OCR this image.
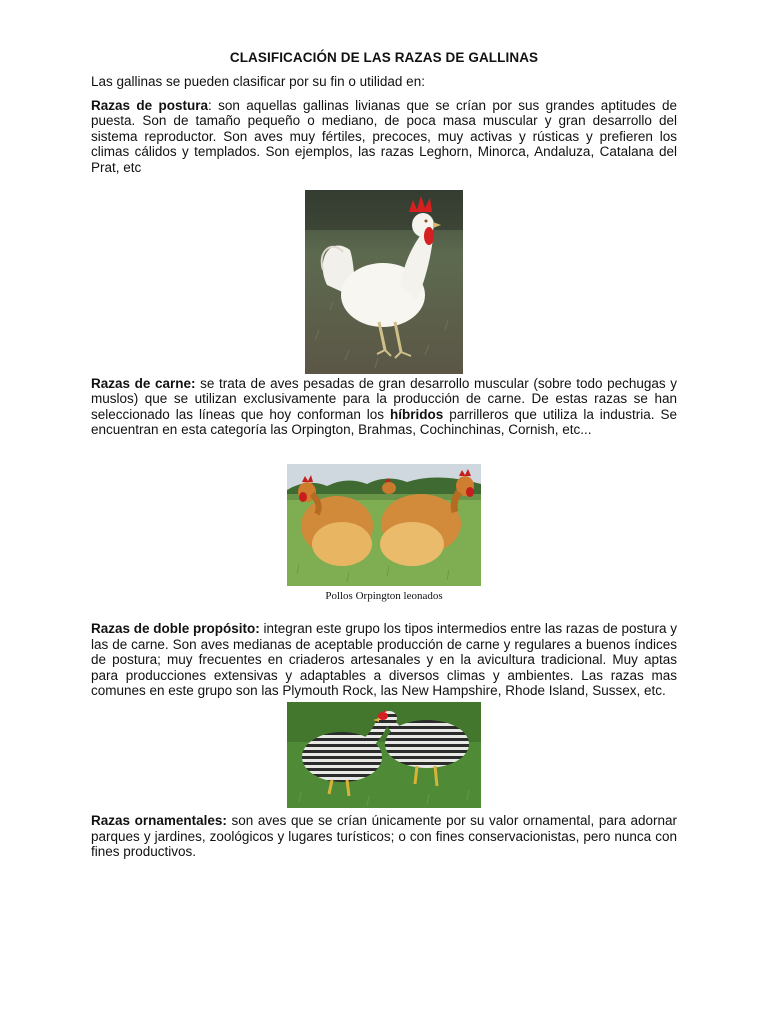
CLASIFICACIÓN DE LAS RAZAS DE GALLINAS

Las gallinas se pueden clasificar por su fin o utilidad en:

Razas de postura: son aquellas gallinas livianas que se crían por sus grandes aptitudes de puesta. Son de tamaño pequeño o mediano, de poca masa muscular y gran desarrollo del sistema reproductor. Son aves muy fértiles, precoces, muy activas y rústicas y prefieren los climas cálidos y templados. Son ejemplos, las razas Leghorn, Minorca, Andaluza, Catalana del Prat, etc

Razas de carne: se trata de aves pesadas de gran desarrollo muscular (sobre todo pechugas y muslos) que se utilizan exclusivamente para la producción de carne. De estas razas se han seleccionado las líneas que hoy conforman los híbridos parrilleros que utiliza la industria. Se encuentran en esta categoría las Orpington, Brahmas, Cochinchinas, Cornish, etc...

Pollos Orpington leonados

Razas de doble propósito: integran este grupo los tipos intermedios entre las razas de postura y las de carne. Son aves medianas de aceptable producción de carne y regulares a buenos índices de postura; muy frecuentes en criaderos artesanales y en la avicultura tradicional. Muy aptas para producciones extensivas y adaptables a diversos climas y ambientes. Las razas mas comunes en este grupo son las Plymouth Rock, las New Hampshire, Rhode Island, Sussex, etc.

Razas ornamentales: son aves que se crían únicamente por su valor ornamental, para adornar parques y jardines, zoológicos y lugares turísticos; o con fines conservacionistas, pero nunca con fines productivos.
